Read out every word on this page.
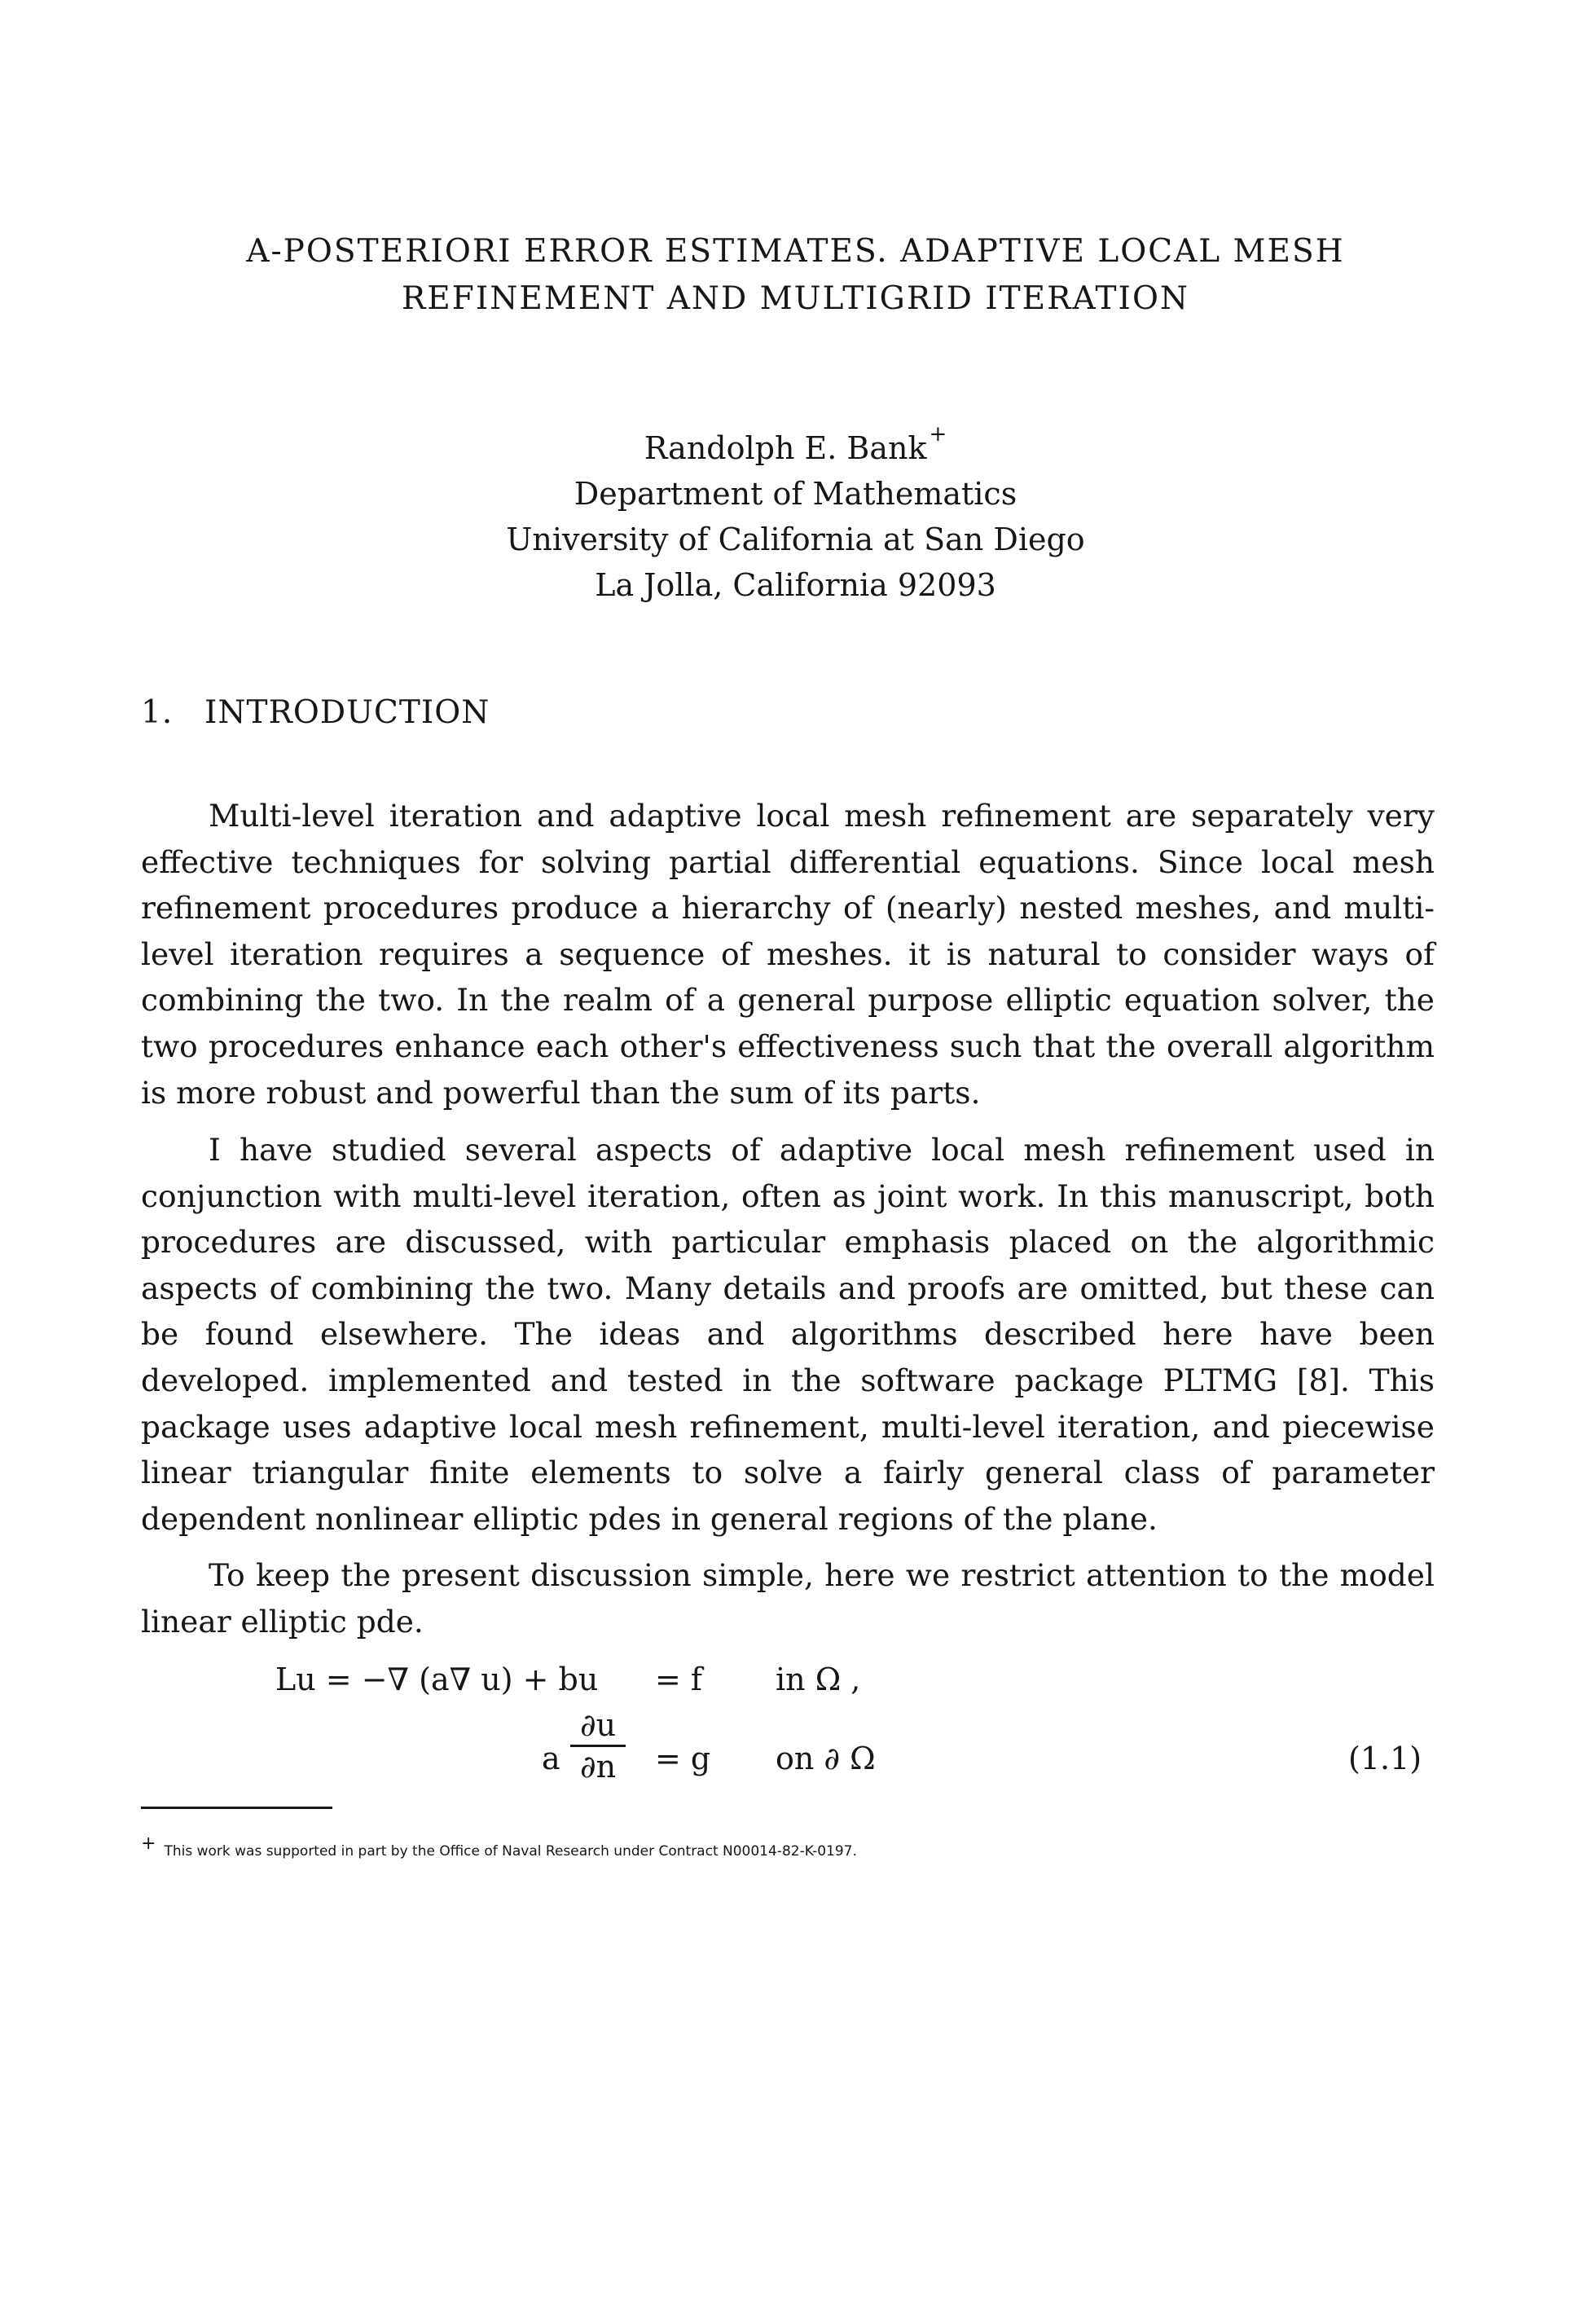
A-POSTERIORI ERROR ESTIMATES. ADAPTIVE LOCAL MESH
REFINEMENT AND MULTIGRID ITERATION
Randolph E. Bank +
Department of Mathematics
University of California at San Diego
La Jolla, California 92093
1. INTRODUCTION

Multi-level iteration and adaptive local mesh refinement are separately very effective techniques for solving partial differential equations. Since local mesh refinement procedures produce a hierarchy of (nearly) nested meshes, and multi-level iteration requires a sequence of meshes. it is natural to consider ways of combining the two. In the realm of a general purpose elliptic equation solver, the two procedures enhance each other's effectiveness such that the overall algorithm is more robust and powerful than the sum of its parts.

I have studied several aspects of adaptive local mesh refinement used in conjunction with multi-level iteration, often as joint work. In this manuscript, both procedures are discussed, with particular emphasis placed on the algorithmic aspects of combining the two. Many details and proofs are omitted, but these can be found elsewhere. The ideas and algorithms described here have been developed. implemented and tested in the software package PLTMG [8]. This package uses adaptive local mesh refinement, multi-level iteration, and piecewise linear triangular finite elements to solve a fairly general class of parameter dependent nonlinear elliptic pdes in general regions of the plane.

To keep the present discussion simple, here we restrict attention to the model linear elliptic pde.

Lu = −∇ (a∇ u) + bu = f in Ω ,
a
∂u
∂n	= g on ∂ Ω	(1.1)
+ This work was supported in part by the Office of Naval Research under Contract N00014-82-K-0197.
